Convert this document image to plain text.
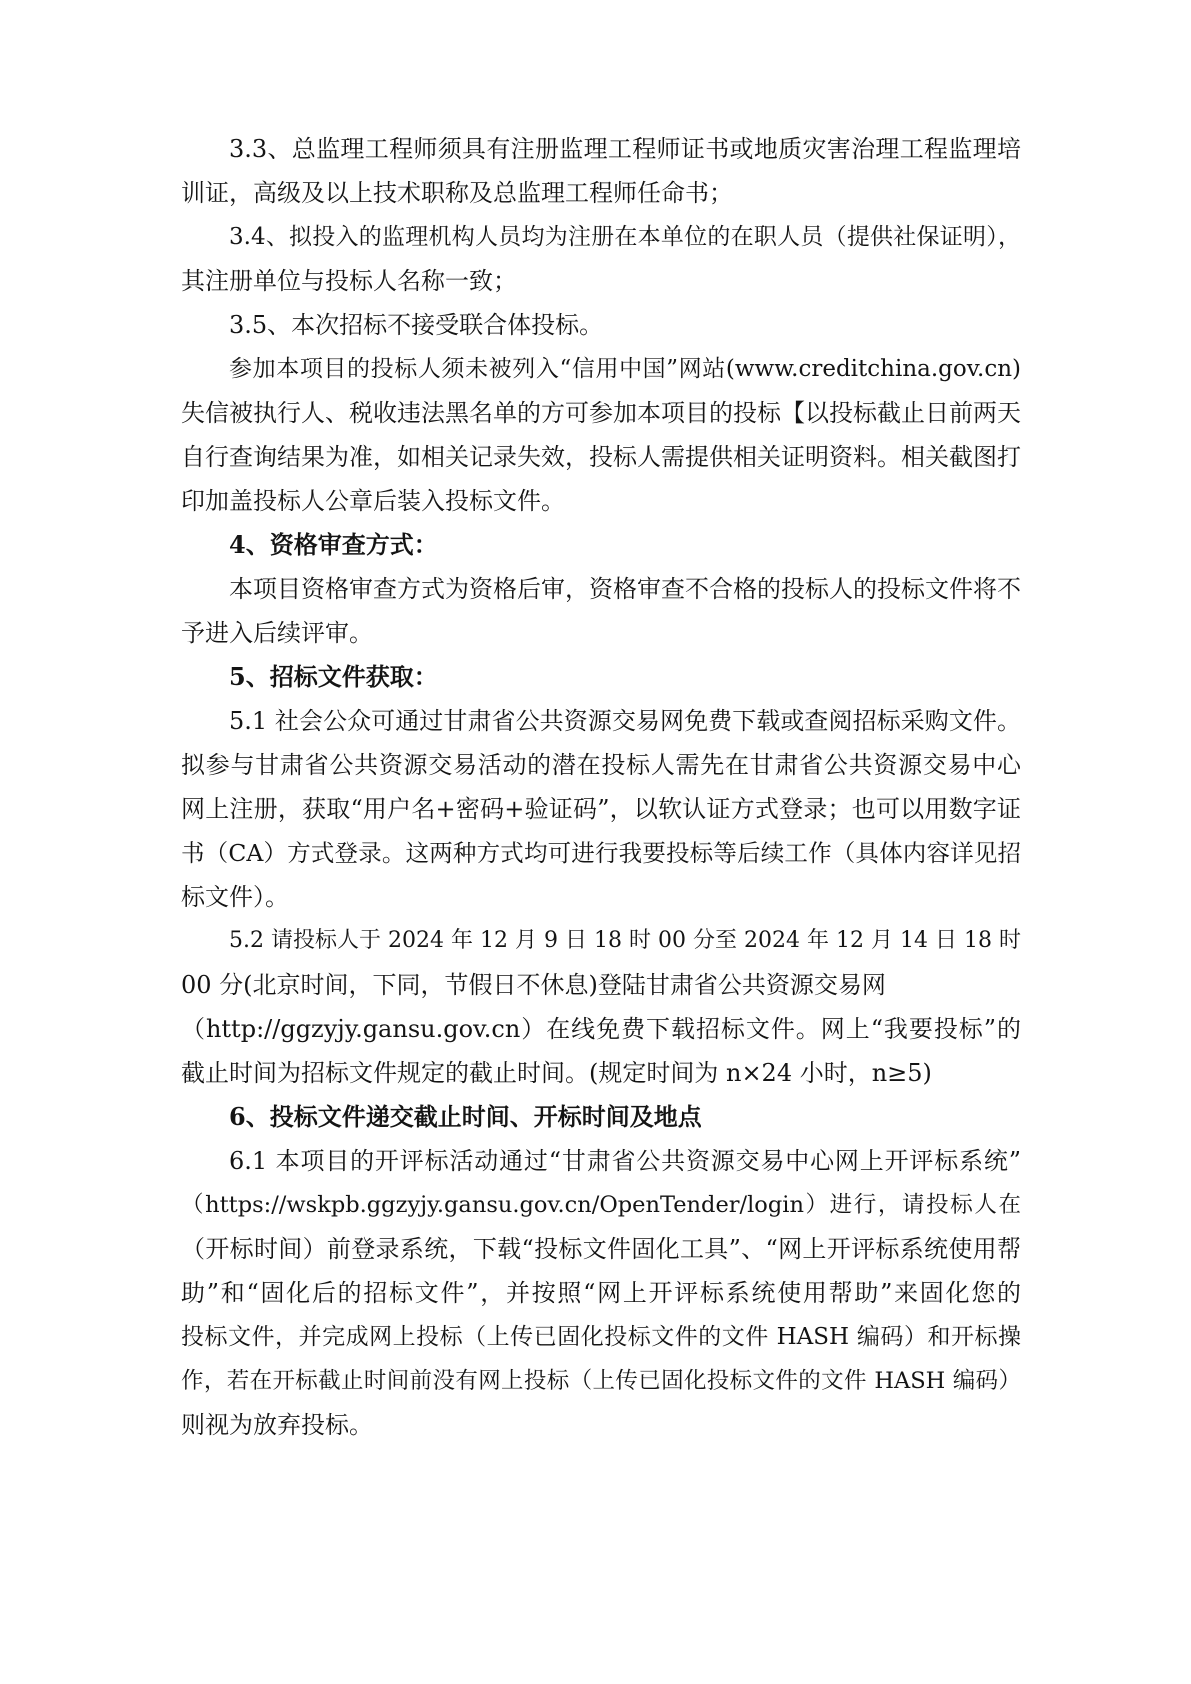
3.3、总监理工程师须具有注册监理工程师证书或地质灾害治理工程监理培
训证，高级及以上技术职称及总监理工程师任命书；
3.4、拟投入的监理机构人员均为注册在本单位的在职人员（提供社保证明），
其注册单位与投标人名称一致；
3.5、本次招标不接受联合体投标。
参加本项目的投标人须未被列入“信用中国”网站(www.creditchina.gov.cn)
失信被执行人、税收违法黑名单的方可参加本项目的投标【以投标截止日前两天
自行查询结果为准，如相关记录失效，投标人需提供相关证明资料。相关截图打
印加盖投标人公章后装入投标文件。
4、资格审查方式：
本项目资格审查方式为资格后审，资格审查不合格的投标人的投标文件将不
予进入后续评审。
5、招标文件获取：
5.1 社会公众可通过甘肃省公共资源交易网免费下载或查阅招标采购文件。
拟参与甘肃省公共资源交易活动的潜在投标人需先在甘肃省公共资源交易中心
网上注册，获取“用户名+密码+验证码”，以软认证方式登录；也可以用数字证
书（CA）方式登录。这两种方式均可进行我要投标等后续工作（具体内容详见招
标文件）。
5.2 请投标人于 2024 年 12 月 9 日 18 时 00 分至 2024 年 12 月 14 日 18 时
00 分(北京时间，下同，节假日不休息)登陆甘肃省公共资源交易网
（http://ggzyjy.gansu.gov.cn）在线免费下载招标文件。网上“我要投标”的
截止时间为招标文件规定的截止时间。(规定时间为 n×24 小时，n≥5)
6、投标文件递交截止时间、开标时间及地点
6.1 本项目的开评标活动通过“甘肃省公共资源交易中心网上开评标系统”
（https://wskpb.ggzyjy.gansu.gov.cn/OpenTender/login）进行，请投标人在
（开标时间）前登录系统，下载“投标文件固化工具”、“网上开评标系统使用帮
助”和“固化后的招标文件”，并按照“网上开评标系统使用帮助”来固化您的
投标文件，并完成网上投标（上传已固化投标文件的文件 HASH 编码）和开标操
作，若在开标截止时间前没有网上投标（上传已固化投标文件的文件 HASH 编码）
则视为放弃投标。
